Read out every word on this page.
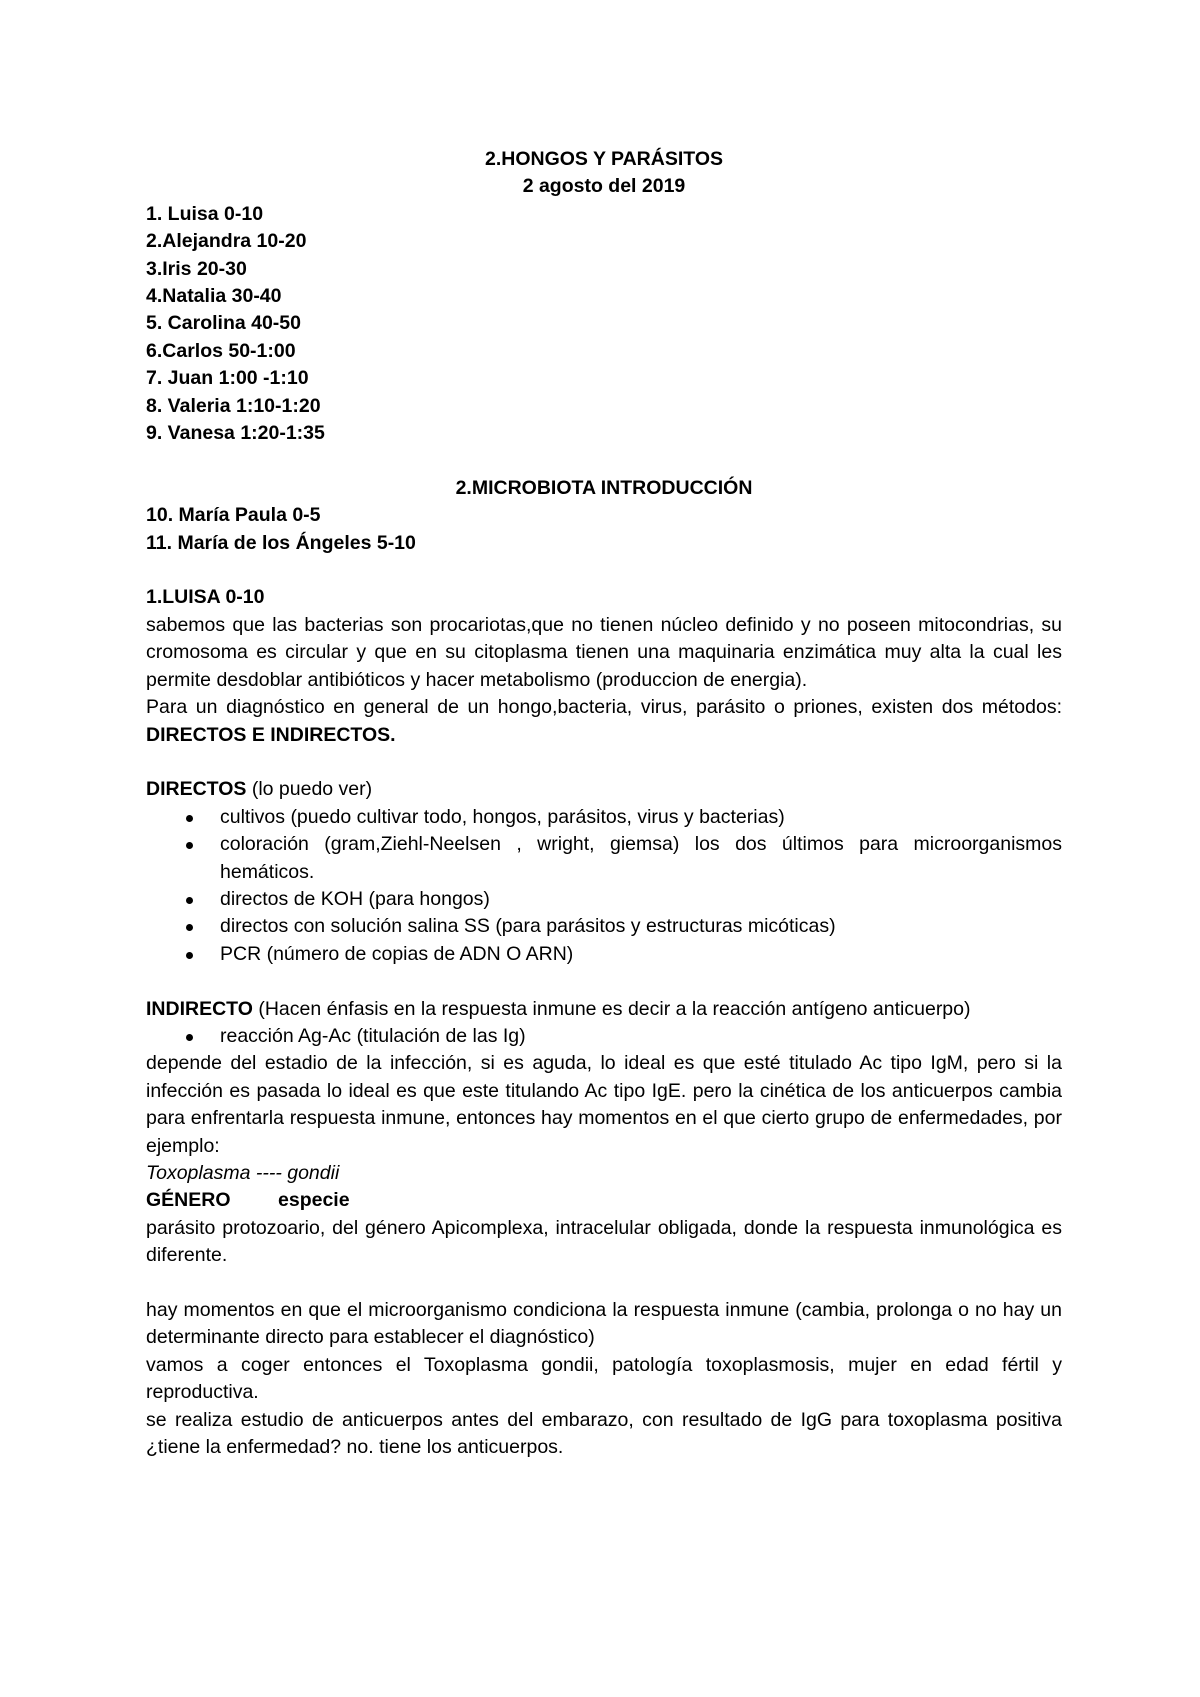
2.HONGOS Y PARÁSITOS

2 agosto del 2019

1. Luisa 0-10

2.Alejandra 10-20

3.Iris 20-30

4.Natalia 30-40

5. Carolina 40-50

6.Carlos 50-1:00

7. Juan 1:00 -1:10

8. Valeria 1:10-1:20

9. Vanesa 1:20-1:35

2.MICROBIOTA INTRODUCCIÓN

10. María Paula 0-5

11. María de los Ángeles 5-10

1.LUISA 0-10

sabemos que las bacterias son procariotas,que no tienen núcleo definido y no poseen mitocondrias, su cromosoma es circular y que en su citoplasma tienen una maquinaria enzimática muy alta la cual les permite desdoblar antibióticos y hacer metabolismo (produccion de energia).

Para un diagnóstico en general de un hongo,bacteria, virus, parásito o priones, existen dos métodos: DIRECTOS E INDIRECTOS.

DIRECTOS (lo puedo ver)

cultivos (puedo cultivar todo, hongos, parásitos, virus y bacterias)
coloración (gram,Ziehl-Neelsen , wright, giemsa) los dos últimos para microorganismos hemáticos.
directos de KOH (para hongos)
directos con solución salina SS (para parásitos y estructuras micóticas)
PCR (número de copias de ADN O ARN)

INDIRECTO (Hacen énfasis en la respuesta inmune es decir a la reacción antígeno anticuerpo)

reacción Ag-Ac (titulación de las Ig)

depende del estadio de la infección, si es aguda, lo ideal es que esté titulado Ac tipo IgM, pero si la infección es pasada lo ideal es que este titulando Ac tipo IgE. pero la cinética de los anticuerpos cambia para enfrentarla respuesta inmune, entonces hay momentos en el que cierto grupo de enfermedades, por ejemplo:

Toxoplasma ---- gondii

GÉNERO especie

parásito protozoario, del género Apicomplexa, intracelular obligada, donde la respuesta inmunológica es diferente.

hay momentos en que el microorganismo condiciona la respuesta inmune (cambia, prolonga o no hay un determinante directo para establecer el diagnóstico)

vamos a coger entonces el Toxoplasma gondii, patología toxoplasmosis, mujer en edad fértil y reproductiva.

se realiza estudio de anticuerpos antes del embarazo, con resultado de IgG para toxoplasma positiva ¿tiene la enfermedad? no. tiene los anticuerpos.
